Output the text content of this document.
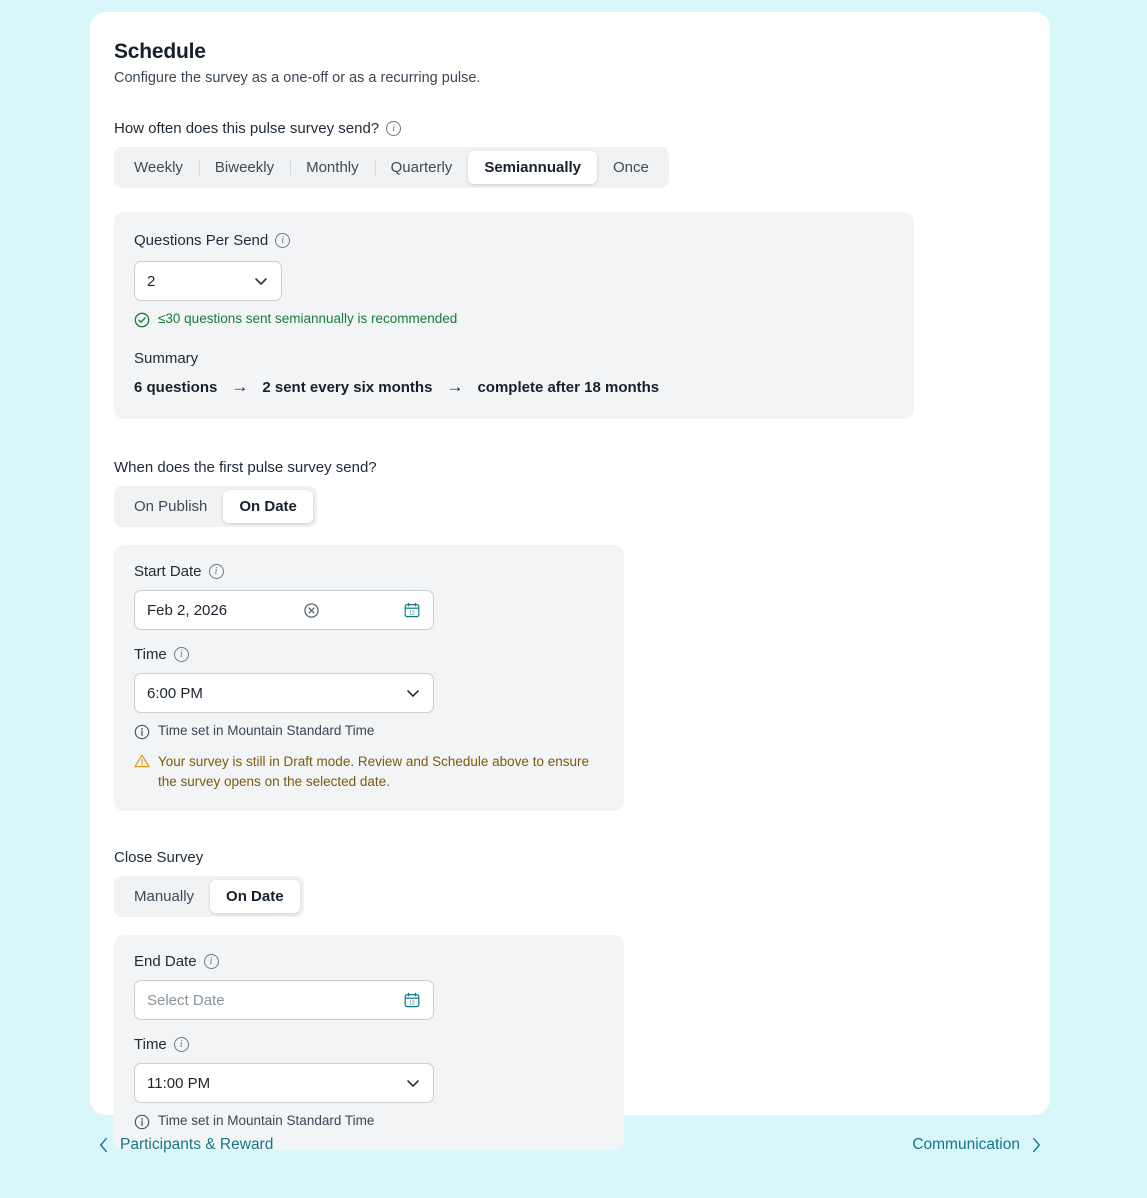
Schedule

Configure the survey as a one-off or as a recurring pulse.

How often does this pulse survey send?	i
Weekly	Biweekly	Monthly	Quarterly	Semiannually	Once
Questions Per Send	i
2
≤30 questions sent semiannually is recommended
Summary
6 questions → 2 sent every six months → complete after 18 months
When does the first pulse survey send?
On Publish	On Date
Start Date	i
Feb 2, 2026	12
Time	i
6:00 PM
Time set in Mountain Standard Time
Your survey is still in Draft mode. Review and Schedule above to ensure the survey opens on the selected date.
Close Survey
Manually	On Date
End Date	i
Select Date	12
Time	i
11:00 PM
Time set in Mountain Standard Time
Participants & Reward	Communication
